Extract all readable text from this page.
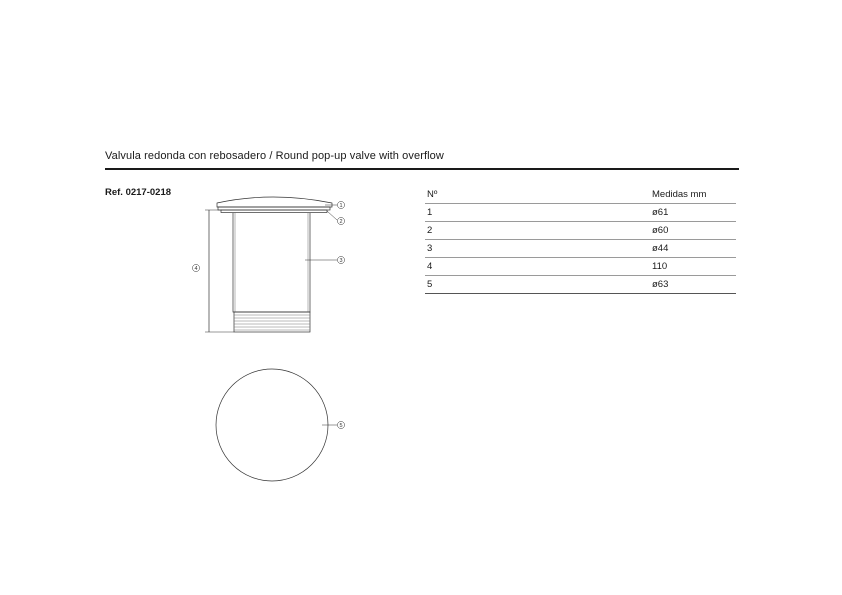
Valvula redonda con rebosadero / Round pop-up valve with overflow
Ref. 0217-0218
1
2
3
4
5
Nº	Medidas mm
1	ø61
2	ø60
3	ø44
4	110
5	ø63
